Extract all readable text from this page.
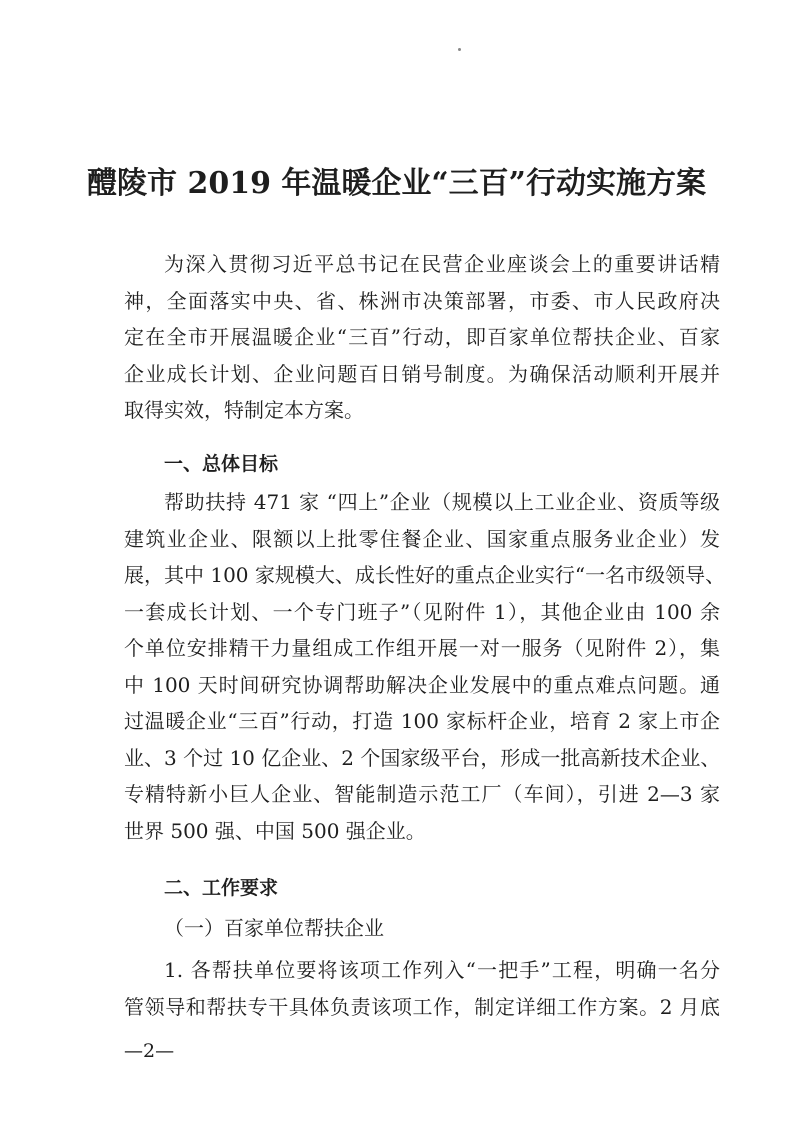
醴陵市 2019 年温暖企业“三百”行动实施方案
为深入贯彻习近平总书记在民营企业座谈会上的重要讲话精
神，全面落实中央、省、株洲市决策部署，市委、市人民政府决
定在全市开展温暖企业“三百”行动，即百家单位帮扶企业、百家
企业成长计划、企业问题百日销号制度。为确保活动顺利开展并
取得实效，特制定本方案。
一、总体目标
帮助扶持 471 家 “四上”企业（规模以上工业企业、资质等级
建筑业企业、限额以上批零住餐企业、国家重点服务业企业）发
展，其中 100 家规模大、成长性好的重点企业实行“一名市级领导、
一套成长计划、一个专门班子”（见附件 1），其他企业由 100 余
个单位安排精干力量组成工作组开展一对一服务（见附件 2），集
中 100 天时间研究协调帮助解决企业发展中的重点难点问题。通
过温暖企业“三百”行动，打造 100 家标杆企业，培育 2 家上市企
业、3 个过 10 亿企业、2 个国家级平台，形成一批高新技术企业、
专精特新小巨人企业、智能制造示范工厂（车间），引进 2—3 家
世界 500 强、中国 500 强企业。
二、工作要求
（一）百家单位帮扶企业
1. 各帮扶单位要将该项工作列入“一把手”工程，明确一名分
管领导和帮扶专干具体负责该项工作，制定详细工作方案。2 月底
—2—
